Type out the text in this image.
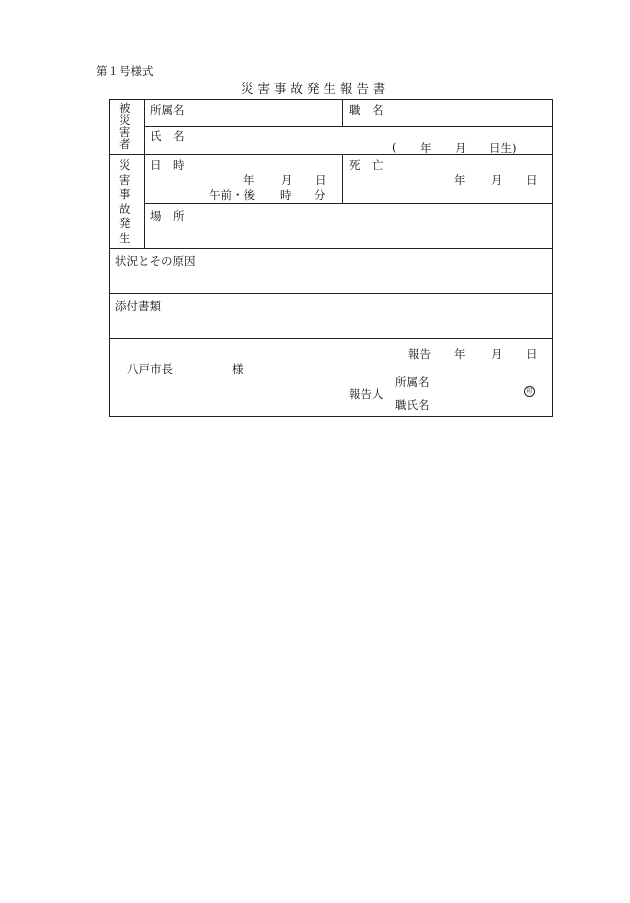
第１号様式
災 害 事 故 発 生 報 告 書
被
災
害
者
所属名	職　名
氏　名
( 年 月 日生)
災
害
事
故
発
生
日　時
年 月 日
午前・後 時 分
死　亡
年 月 日
場　所
状況とその原因
添付書類
報告 年 月 日
八戸市長	様
報告人
所属名
職氏名
印
